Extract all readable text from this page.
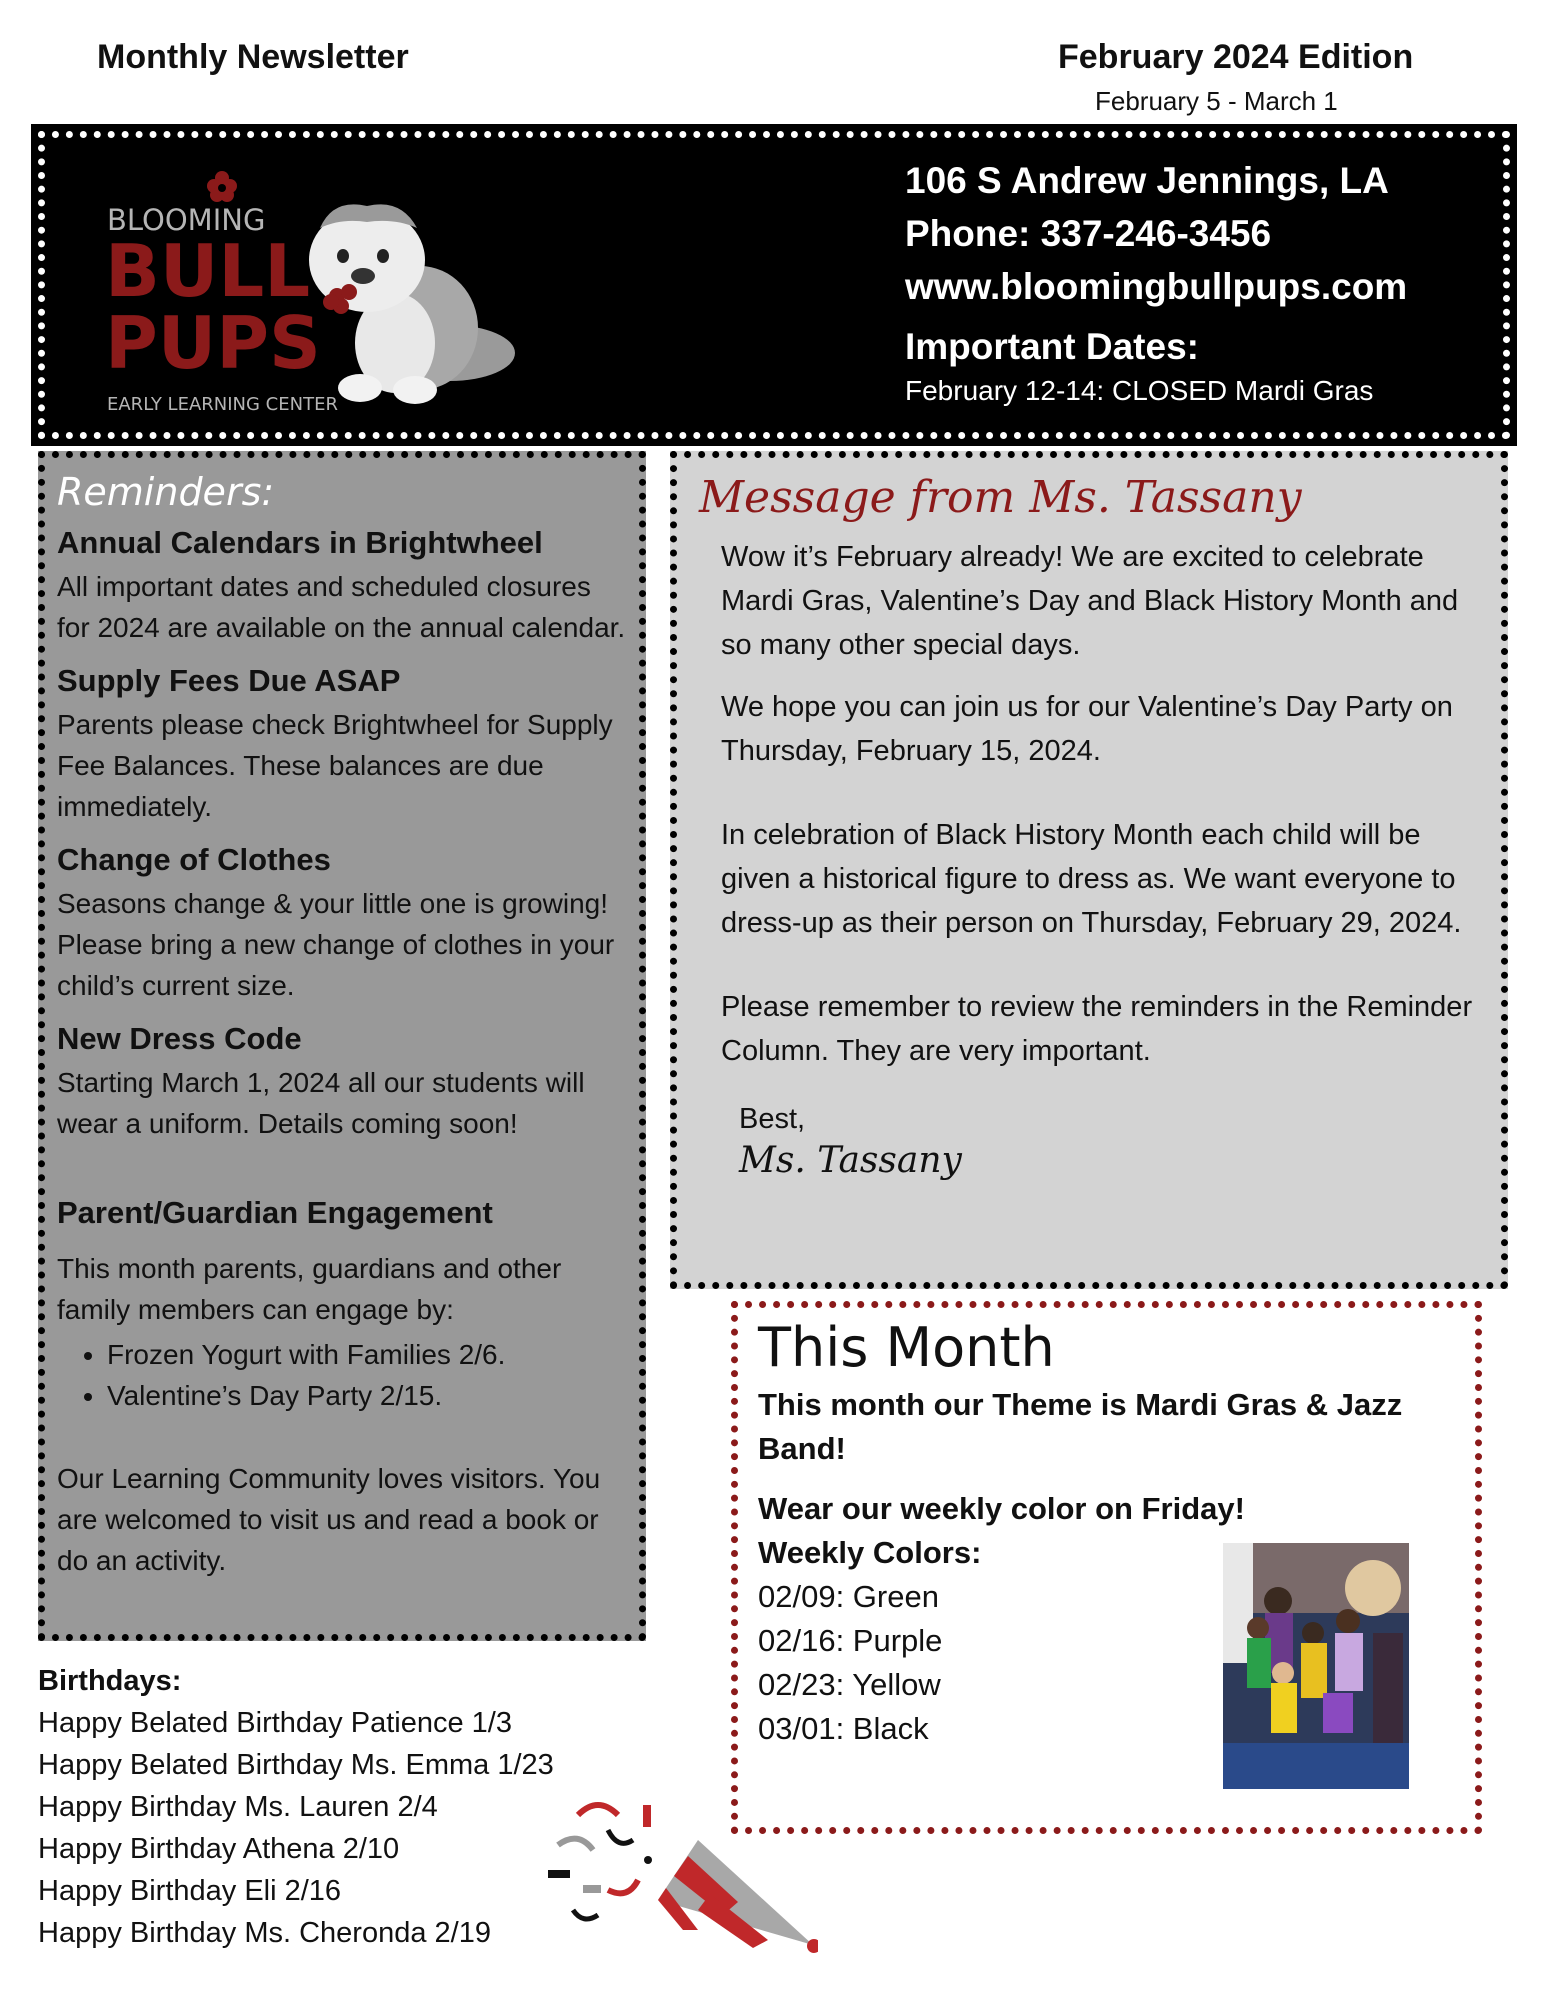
Monthly Newsletter	February 2024 Edition
February 5 - March 1
BLOOMING
BULL
PUPS
EARLY LEARNING CENTER
106 S Andrew Jennings, LA
Phone: 337-246-3456
www.bloomingbullpups.com
Important Dates:
February 12-14: CLOSED Mardi Gras
Reminders:
Annual Calendars in Brightwheel

All important dates and scheduled closures for 2024 are available on the annual calendar.

Supply Fees Due ASAP

Parents please check Brightwheel for Supply Fee Balances. These balances are due immediately.

Change of Clothes

Seasons change & your little one is growing! Please bring a new change of clothes in your child’s current size.

New Dress Code

Starting March 1, 2024 all our students will wear a uniform. Details coming soon!

Parent/Guardian Engagement

This month parents, guardians and other family members can engage by:

• Frozen Yogurt with Families 2/6.
• Valentine’s Day Party 2/15.

Our Learning Community loves visitors. You are welcomed to visit us and read a book or do an activity.

Message from Ms. Tassany

Wow it’s February already! We are excited to celebrate Mardi Gras, Valentine’s Day and Black History Month and so many other special days.

We hope you can join us for our Valentine’s Day Party on Thursday, February 15, 2024.

In celebration of Black History Month each child will be given a historical figure to dress as. We want everyone to dress-up as their person on Thursday, February 29, 2024.

Please remember to review the reminders in the Reminder Column. They are very important.

Best,
Ms. Tassany
This Month
This month our Theme is Mardi Gras & Jazz Band!
Wear our weekly color on Friday!
Weekly Colors:
02/09: Green
02/16: Purple
02/23: Yellow
03/01: Black
Birthdays:
Happy Belated Birthday Patience 1/3
Happy Belated Birthday Ms. Emma 1/23
Happy Birthday Ms. Lauren 2/4
Happy Birthday Athena 2/10
Happy Birthday Eli 2/16
Happy Birthday Ms. Cheronda 2/19
